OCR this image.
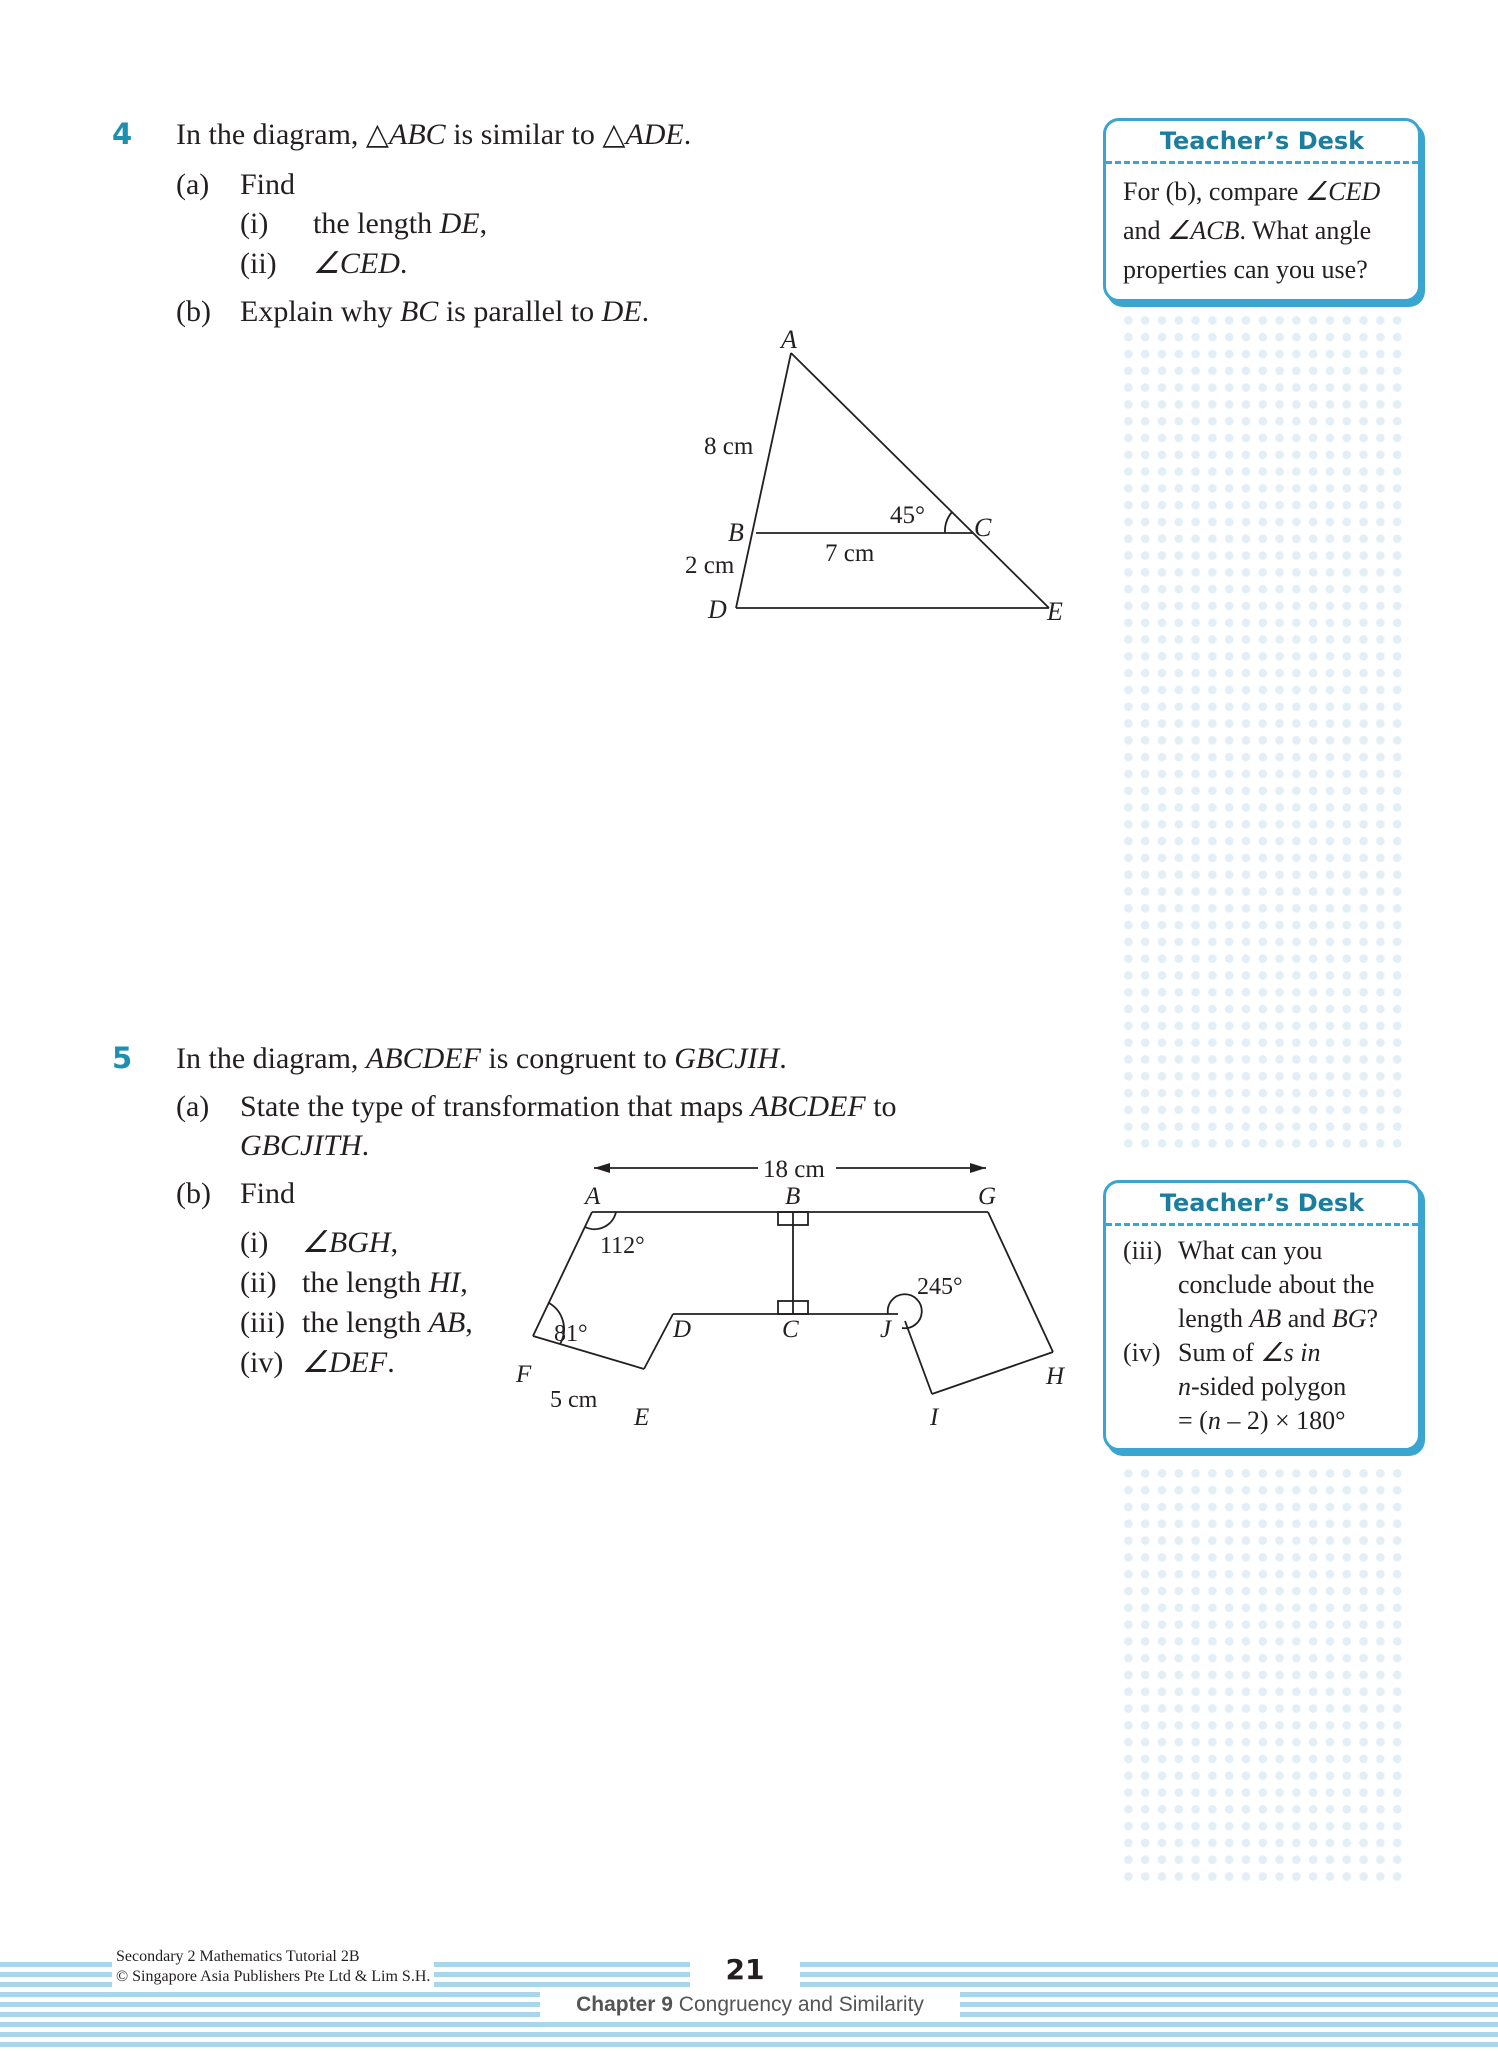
4 In the diagram, △ABC is similar to △ADE.
(a) Find
(i) the length DE,
(ii) ∠CED.
(b) Explain why BC is parallel to DE.
A
B	C
D	E
8 cm
2 cm	7 cm
45°
Teacher’s Desk
For (b), compare ∠CED
and ∠ACB. What angle
properties can you use?
5 In the diagram, ABCDEF is congruent to GBCJIH.
(a) State the type of transformation that maps ABCDEF to
GBCJITH.
(b) Find
(i) ∠BGH,
(ii) the length HI,
(iii) the length AB,
(iv) ∠DEF.
18 cm
A	B	G
D	C	J
F
E	I
H
112°
81°
245°
5 cm
Teacher’s Desk
(iii) What can you
conclude about the
length AB and BG?
(iv) Sum of ∠s in
n-sided polygon
= (n – 2) × 180°
Secondary 2 Mathematics Tutorial 2B
© Singapore Asia Publishers Pte Ltd & Lim S.H.	21
Chapter 9 Congruency and Similarity
